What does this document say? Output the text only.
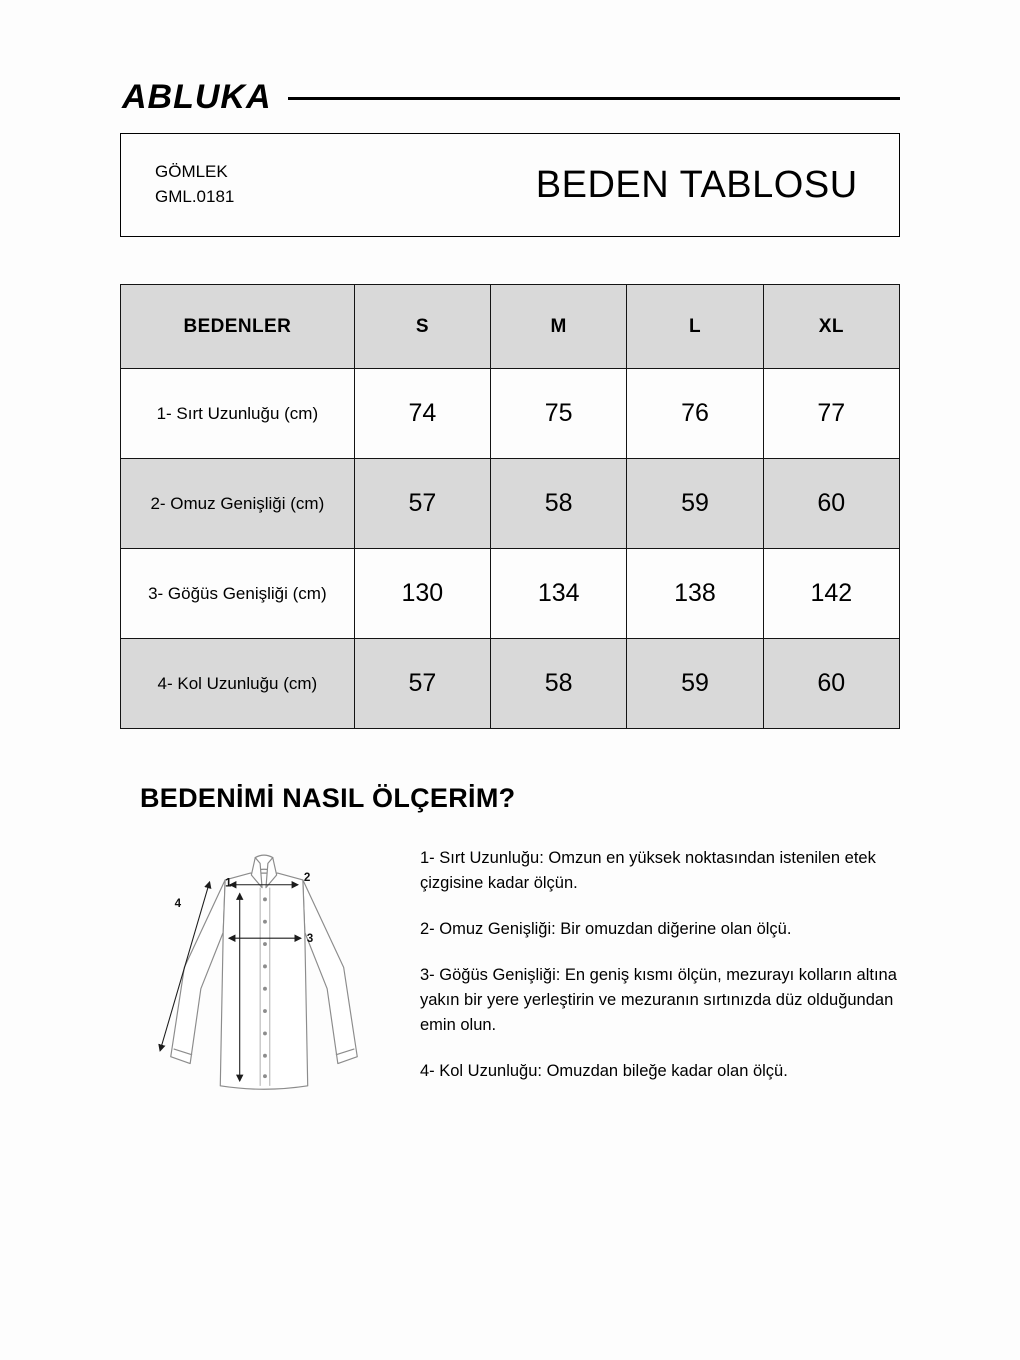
ABLUKA
GÖMLEK
GML.0181	BEDEN TABLOSU
BEDENLER	S	M	L	XL
1- Sırt Uzunluğu (cm)	74	75	76	77
2- Omuz Genişliği (cm)	57	58	59	60
3- Göğüs Genişliği (cm)	130	134	138	142
4- Kol Uzunluğu (cm)	57	58	59	60
BEDENİMİ NASIL ÖLÇERİM?
1	2
3
4

1- Sırt Uzunluğu: Omzun en yüksek noktasından istenilen etek çizgisine kadar ölçün.

2- Omuz Genişliği: Bir omuzdan diğerine olan ölçü.

3- Göğüs Genişliği: En geniş kısmı ölçün, mezurayı kolların altına yakın bir yere yerleştirin ve mezuranın sırtınızda düz olduğundan emin olun.

4- Kol Uzunluğu: Omuzdan bileğe kadar olan ölçü.
